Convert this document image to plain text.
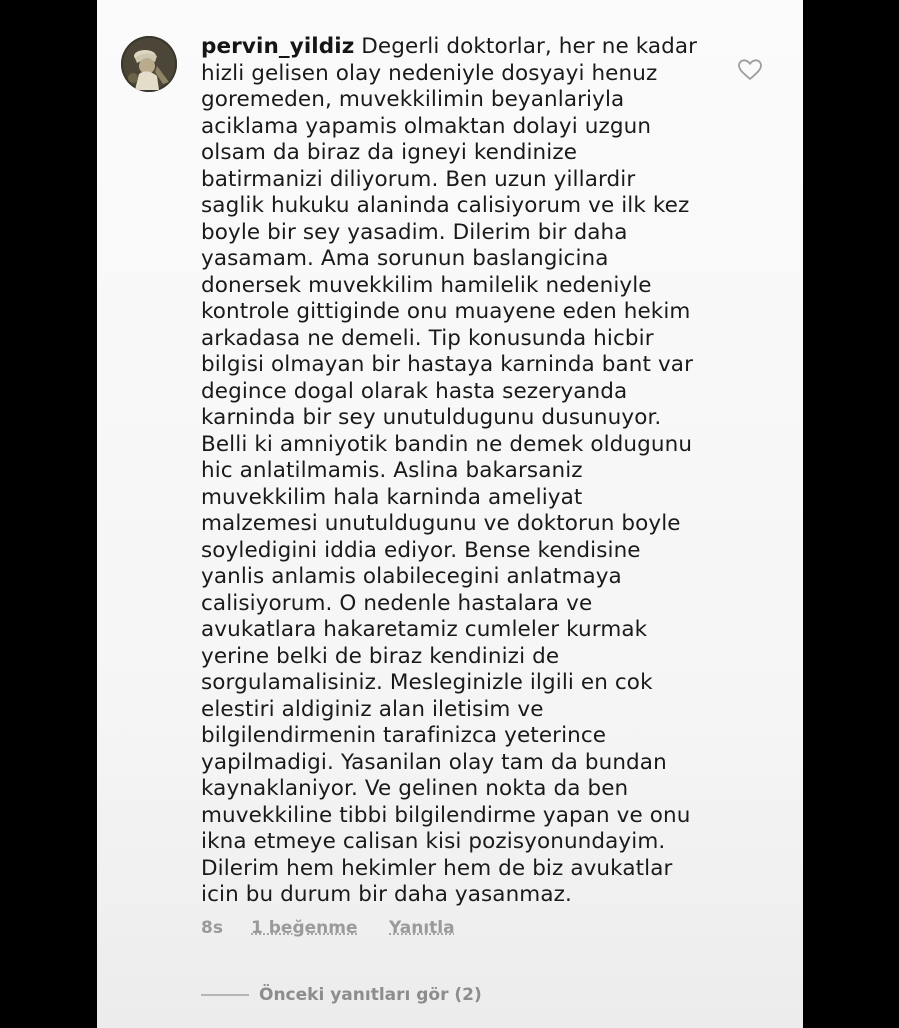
pervin_yildiz Degerli doktorlar, her ne kadar
hizli gelisen olay nedeniyle dosyayi henuz
goremeden, muvekkilimin beyanlariyla
aciklama yapamis olmaktan dolayi uzgun
olsam da biraz da igneyi kendinize
batirmanizi diliyorum. Ben uzun yillardir
saglik hukuku alaninda calisiyorum ve ilk kez
boyle bir sey yasadim. Dilerim bir daha
yasamam. Ama sorunun baslangicina
donersek muvekkilim hamilelik nedeniyle
kontrole gittiginde onu muayene eden hekim
arkadasa ne demeli. Tip konusunda hicbir
bilgisi olmayan bir hastaya karninda bant var
degince dogal olarak hasta sezeryanda
karninda bir sey unutuldugunu dusunuyor.
Belli ki amniyotik bandin ne demek oldugunu
hic anlatilmamis. Aslina bakarsaniz
muvekkilim hala karninda ameliyat
malzemesi unutuldugunu ve doktorun boyle
soyledigini iddia ediyor. Bense kendisine
yanlis anlamis olabilecegini anlatmaya
calisiyorum. O nedenle hastalara ve
avukatlara hakaretamiz cumleler kurmak
yerine belki de biraz kendinizi de
sorgulamalisiniz. Mesleginizle ilgili en cok
elestiri aldiginiz alan iletisim ve
bilgilendirmenin tarafinizca yeterince
yapilmadigi. Yasanilan olay tam da bundan
kaynaklaniyor. Ve gelinen nokta da ben
muvekkiline tibbi bilgilendirme yapan ve onu
ikna etmeye calisan kisi pozisyonundayim.
Dilerim hem hekimler hem de biz avukatlar
icin bu durum bir daha yasanmaz.
8s	1 beğenme	Yanıtla
Önceki yanıtları gör (2)
